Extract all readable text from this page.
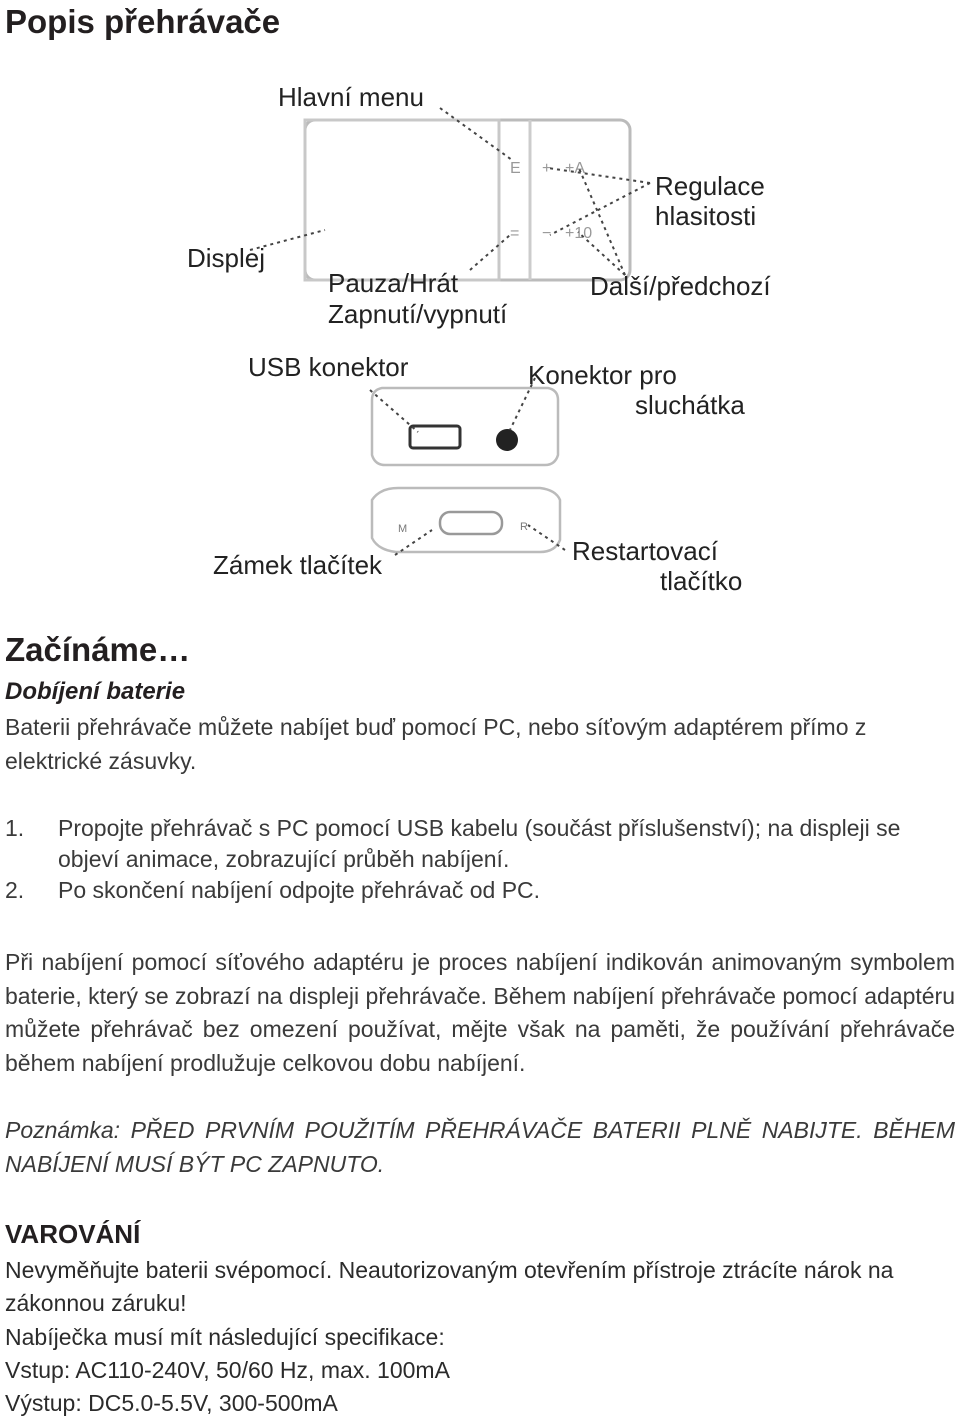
Popis přehrávače
E + +A
= − +10
M	R
Hlavní menu
Regulace
hlasitosti
Displej
Pauza/Hrát
Zapnutí/vypnutí
Další/předchozí
USB konektor	Konektor pro
sluchátka
Zámek tlačítek	Restartovací
tlačítko
Začínáme…
Dobíjení baterie

Baterii přehrávače můžete nabíjet buď pomocí PC, nebo síťovým adaptérem přímo z elektrické zásuvky.

1. Propojte přehrávač s PC pomocí USB kabelu (součást příslušenství); na displeji se objeví animace, zobrazující průběh nabíjení.
2. Po skončení nabíjení odpojte přehrávač od PC.

Při nabíjení pomocí síťového adaptéru je proces nabíjení indikován animovaným symbolem baterie, který se zobrazí na displeji přehrávače. Během nabíjení přehrávače pomocí adaptéru můžete přehrávač bez omezení používat, mějte však na paměti, že používání přehrávače během nabíjení prodlužuje celkovou dobu nabíjení.

Poznámka: PŘED PRVNÍM POUŽITÍM PŘEHRÁVAČE BATERII PLNĚ NABIJTE. BĚHEM NABÍJENÍ MUSÍ BÝT PC ZAPNUTO.

VAROVÁNÍ

Nevyměňujte baterii svépomocí. Neautorizovaným otevřením přístroje ztrácíte nárok na zákonnou záruku!

Nabíječka musí mít následující specifikace:

Vstup: AC110-240V, 50/60 Hz, max. 100mA

Výstup: DC5.0-5.5V, 300-500mA
